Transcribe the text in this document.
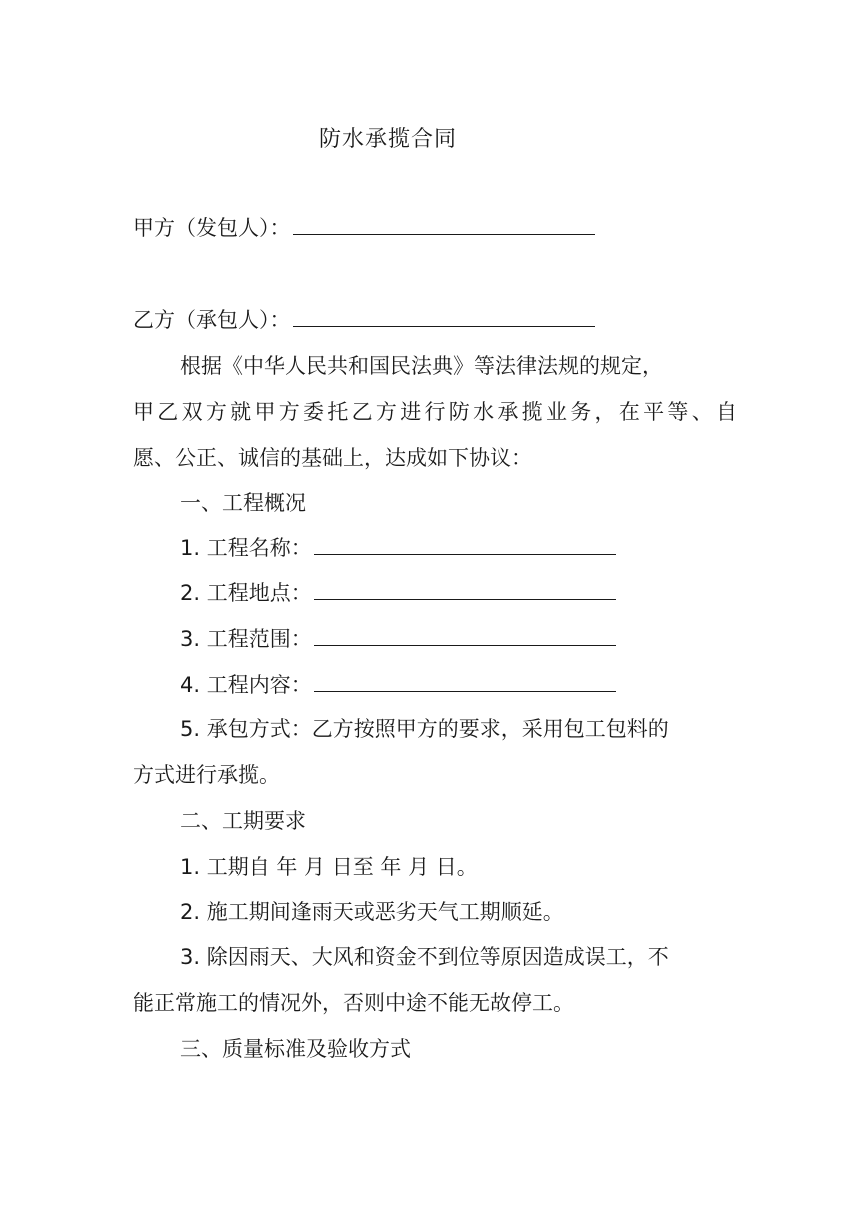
防水承揽合同
甲方（发包人）：
乙方（承包人）：
根据《中华人民共和国民法典》等法律法规的规定，
甲乙双方就甲方委托乙方进行防水承揽业务，在平等、自
愿、公正、诚信的基础上，达成如下协议：
一、工程概况
1. 工程名称：
2. 工程地点：
3. 工程范围：
4. 工程内容：
5. 承包方式：乙方按照甲方的要求，采用包工包料的
方式进行承揽。
二、工期要求
1. 工期自 年 月 日至 年 月 日。
2. 施工期间逢雨天或恶劣天气工期顺延。
3. 除因雨天、大风和资金不到位等原因造成误工，不
能正常施工的情况外，否则中途不能无故停工。
三、质量标准及验收方式
